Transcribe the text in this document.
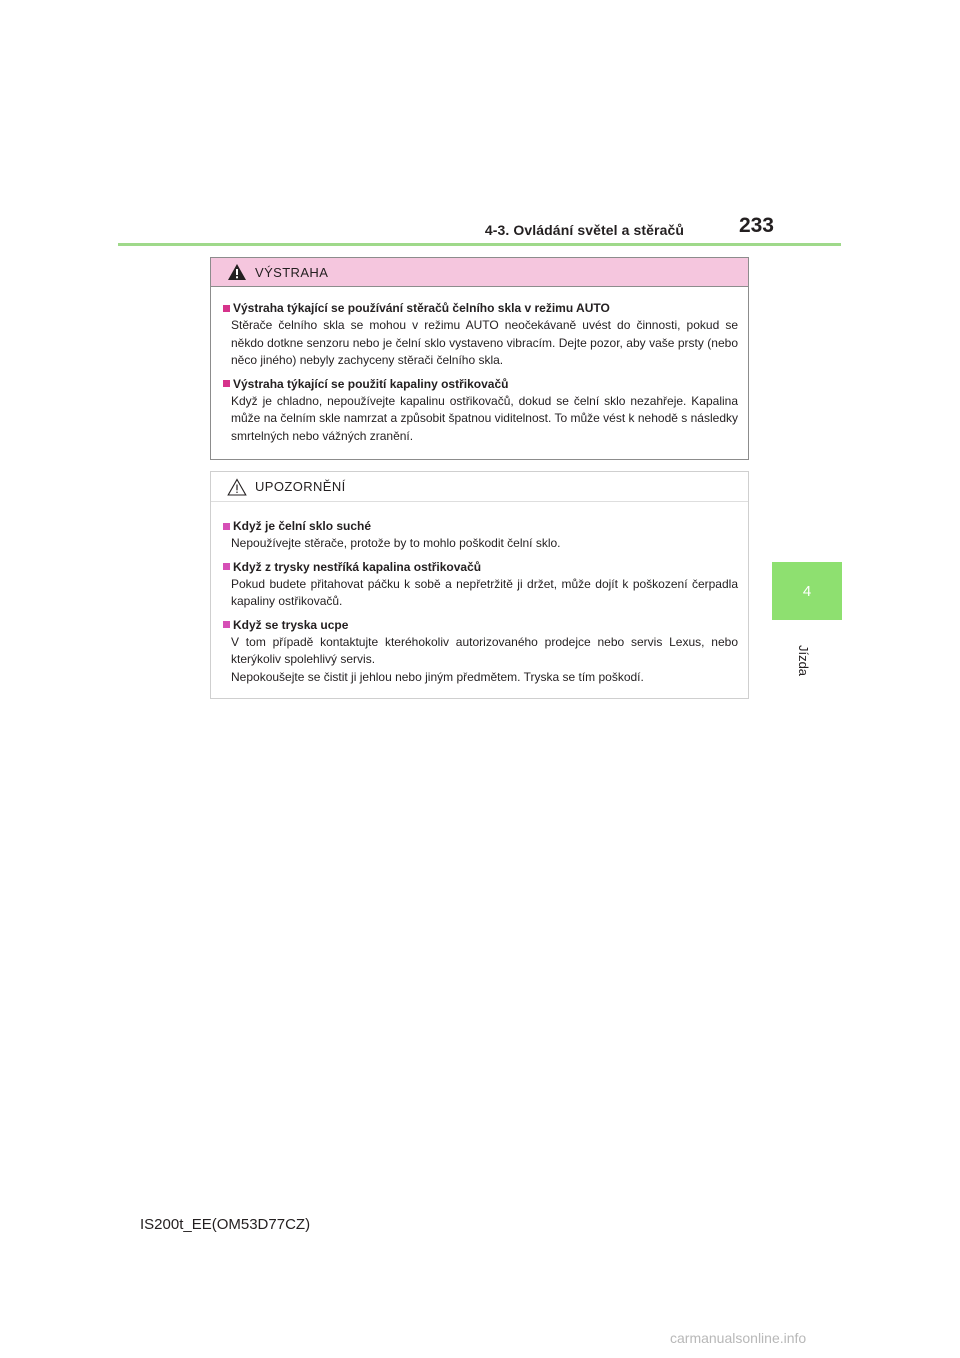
4-3. Ovládání světel a stěračů	233
4
Jízda
VÝSTRAHA
Výstraha týkající se používání stěračů čelního skla v režimu AUTO
Stěrače čelního skla se mohou v režimu AUTO neočekávaně uvést do činnosti, pokud se někdo dotkne senzoru nebo je čelní sklo vystaveno vibracím. Dejte pozor, aby vaše prsty (nebo něco jiného) nebyly zachyceny stěrači čelního skla.
Výstraha týkající se použití kapaliny ostřikovačů
Když je chladno, nepoužívejte kapalinu ostřikovačů, dokud se čelní sklo nezahřeje. Kapalina může na čelním skle namrzat a způsobit špatnou viditelnost. To může vést k nehodě s následky smrtelných nebo vážných zranění.
UPOZORNĚNÍ
Když je čelní sklo suché
Nepoužívejte stěrače, protože by to mohlo poškodit čelní sklo.
Když z trysky nestříká kapalina ostřikovačů
Pokud budete přitahovat páčku k sobě a nepřetržitě ji držet, může dojít k poškození čerpadla kapaliny ostřikovačů.
Když se tryska ucpe
V tom případě kontaktujte kteréhokoliv autorizovaného prodejce nebo servis Lexus, nebo kterýkoliv spolehlivý servis.
Nepokoušejte se čistit ji jehlou nebo jiným předmětem. Tryska se tím poškodí.
IS200t_EE(OM53D77CZ)
carmanualsonline.info
